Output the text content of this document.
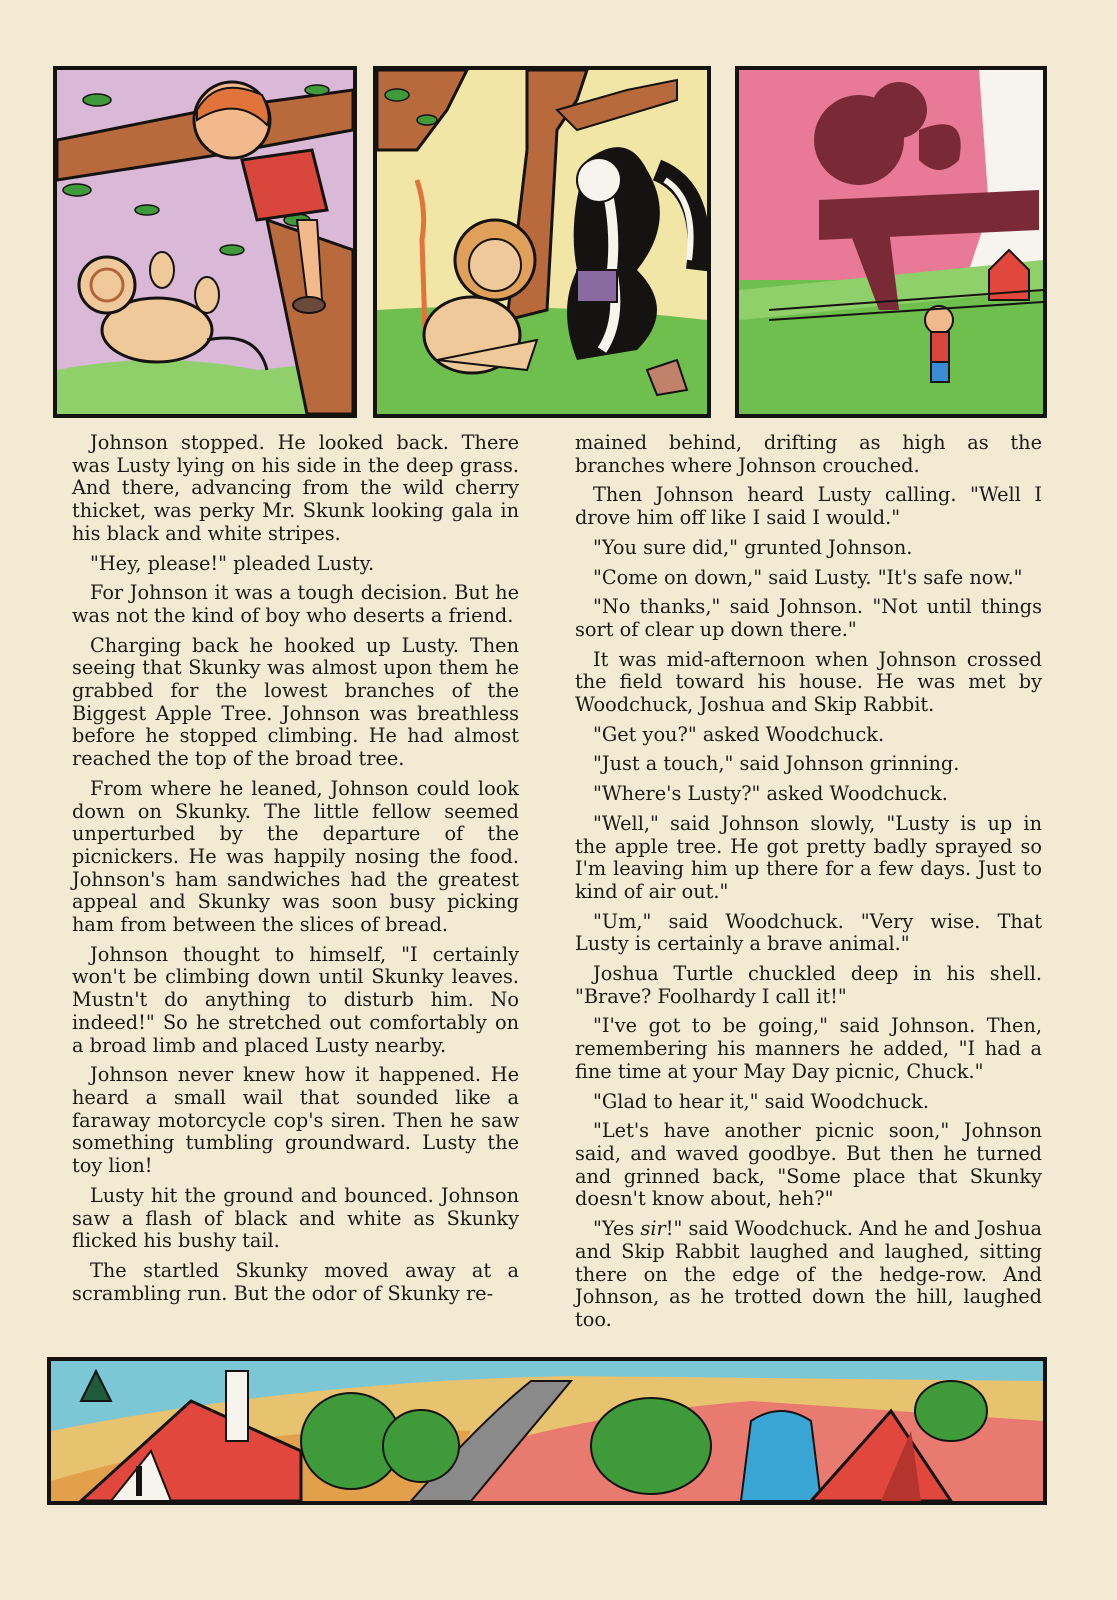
Johnson stopped. He looked back. There was Lusty lying on his side in the deep grass. And there, advancing from the wild cherry thicket, was perky Mr. Skunk looking gala in his black and white stripes.

"Hey, please!" pleaded Lusty.

For Johnson it was a tough decision. But he was not the kind of boy who deserts a friend.

Charging back he hooked up Lusty. Then seeing that Skunky was almost upon them he grabbed for the lowest branches of the Biggest Apple Tree. Johnson was breathless before he stopped climbing. He had almost reached the top of the broad tree.

From where he leaned, Johnson could look down on Skunky. The little fellow seemed unperturbed by the departure of the picnickers. He was happily nosing the food. Johnson's ham sandwiches had the greatest appeal and Skunky was soon busy picking ham from between the slices of bread.

Johnson thought to himself, "I certainly won't be climbing down until Skunky leaves. Mustn't do anything to disturb him. No indeed!" So he stretched out comfortably on a broad limb and placed Lusty nearby.

Johnson never knew how it happened. He heard a small wail that sounded like a faraway motorcycle cop's siren. Then he saw something tumbling groundward. Lusty the toy lion!

Lusty hit the ground and bounced. Johnson saw a flash of black and white as Skunky flicked his bushy tail.

The startled Skunky moved away at a scrambling run. But the odor of Skunky re-

mained behind, drifting as high as the branches where Johnson crouched.

Then Johnson heard Lusty calling. "Well I drove him off like I said I would."

"You sure did," grunted Johnson.

"Come on down," said Lusty. "It's safe now."

"No thanks," said Johnson. "Not until things sort of clear up down there."

It was mid-afternoon when Johnson crossed the field toward his house. He was met by Woodchuck, Joshua and Skip Rabbit.

"Get you?" asked Woodchuck.

"Just a touch," said Johnson grinning.

"Where's Lusty?" asked Woodchuck.

"Well," said Johnson slowly, "Lusty is up in the apple tree. He got pretty badly sprayed so I'm leaving him up there for a few days. Just to kind of air out."

"Um," said Woodchuck. "Very wise. That Lusty is certainly a brave animal."

Joshua Turtle chuckled deep in his shell. "Brave? Foolhardy I call it!"

"I've got to be going," said Johnson. Then, remembering his manners he added, "I had a fine time at your May Day picnic, Chuck."

"Glad to hear it," said Woodchuck.

"Let's have another picnic soon," Johnson said, and waved goodbye. But then he turned and grinned back, "Some place that Skunky doesn't know about, heh?"

"Yes sir!" said Woodchuck. And he and Joshua and Skip Rabbit laughed and laughed, sitting there on the edge of the hedge-row. And Johnson, as he trotted down the hill, laughed too.
